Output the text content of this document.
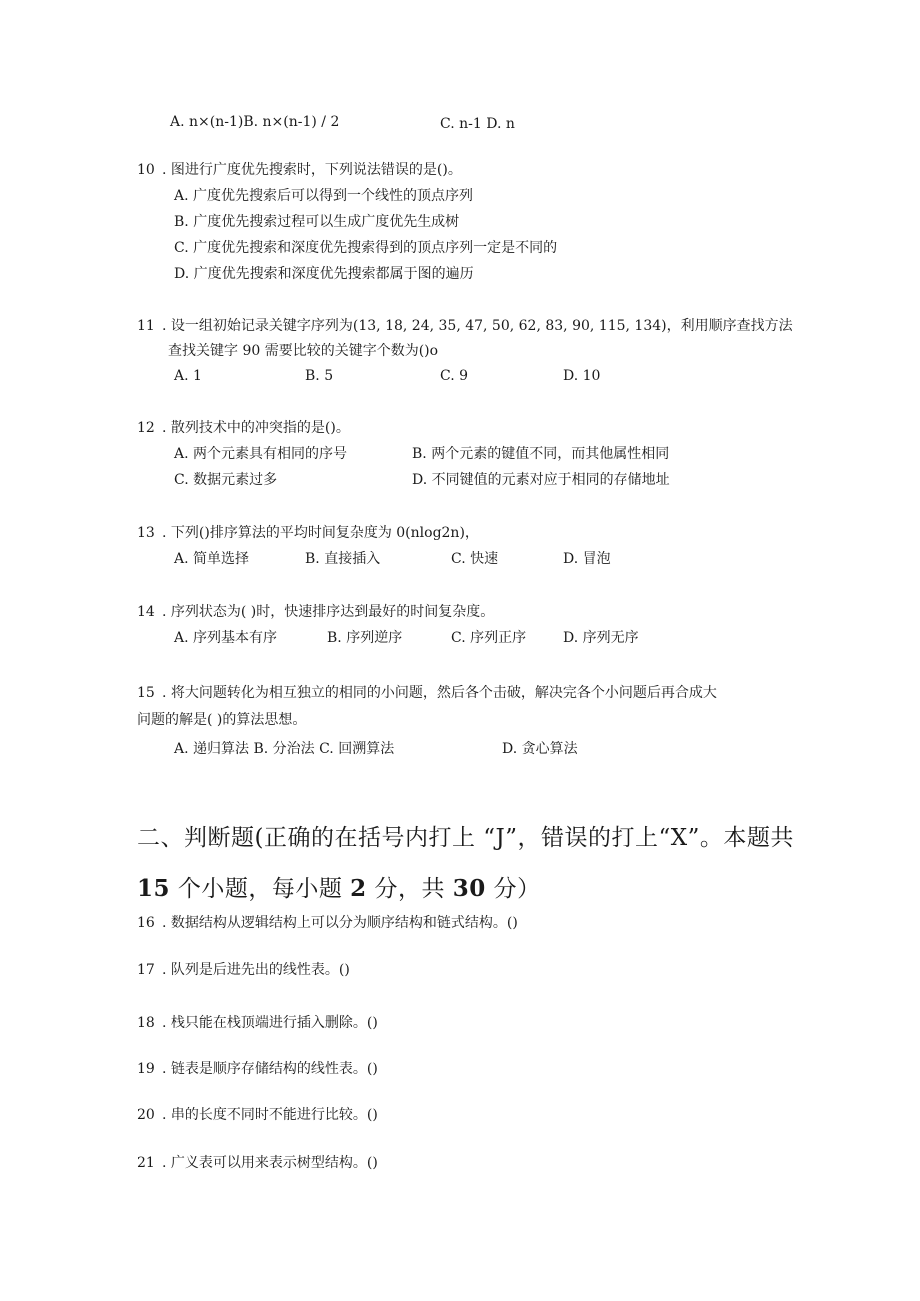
A. n×(n-1)B. n×(n-1) / 2	C. n-1 D. n
10 . 图进行广度优先搜索时，下列说法错误的是()。
A. 广度优先搜索后可以得到一个线性的顶点序列
B. 广度优先搜索过程可以生成广度优先生成树
C. 广度优先搜索和深度优先搜索得到的顶点序列一定是不同的
D. 广度优先搜索和深度优先搜索都属于图的遍历
11 . 设一组初始记录关键字序列为(13, 18, 24, 35, 47, 50, 62, 83, 90, 115, 134)，利用顺序查找方法
查找关键字 90 需要比较的关键字个数为()o
A. 1	B. 5	C. 9	D. 10
12 . 散列技术中的冲突指的是()。
A. 两个元素具有相同的序号	B. 两个元素的键值不同，而其他属性相同
C. 数据元素过多	D. 不同键值的元素对应于相同的存储地址
13 . 下列()排序算法的平均时间复杂度为 0(nlog2n)，
A. 简单选择	B. 直接插入	C. 快速	D. 冒泡
14 . 序列状态为( )时，快速排序达到最好的时间复杂度。
A. 序列基本有序	B. 序列逆序	C. 序列正序	D. 序列无序
15 . 将大问题转化为相互独立的相同的小问题，然后各个击破，解决完各个小问题后再合成大
问题的解是( )的算法思想。
A. 递归算法 B. 分治法 C. 回溯算法	D. 贪心算法
二、判断题(正确的在括号内打上 “J”，错误的打上“X”。本题共
15 个小题，每小题 2 分，共 30 分）
16 . 数据结构从逻辑结构上可以分为顺序结构和链式结构。()
17 . 队列是后进先出的线性表。()
18 . 栈只能在栈顶端进行插入删除。()
19 . 链表是顺序存储结构的线性表。()
20 . 串的长度不同时不能进行比较。()
21 . 广义表可以用来表示树型结构。()
